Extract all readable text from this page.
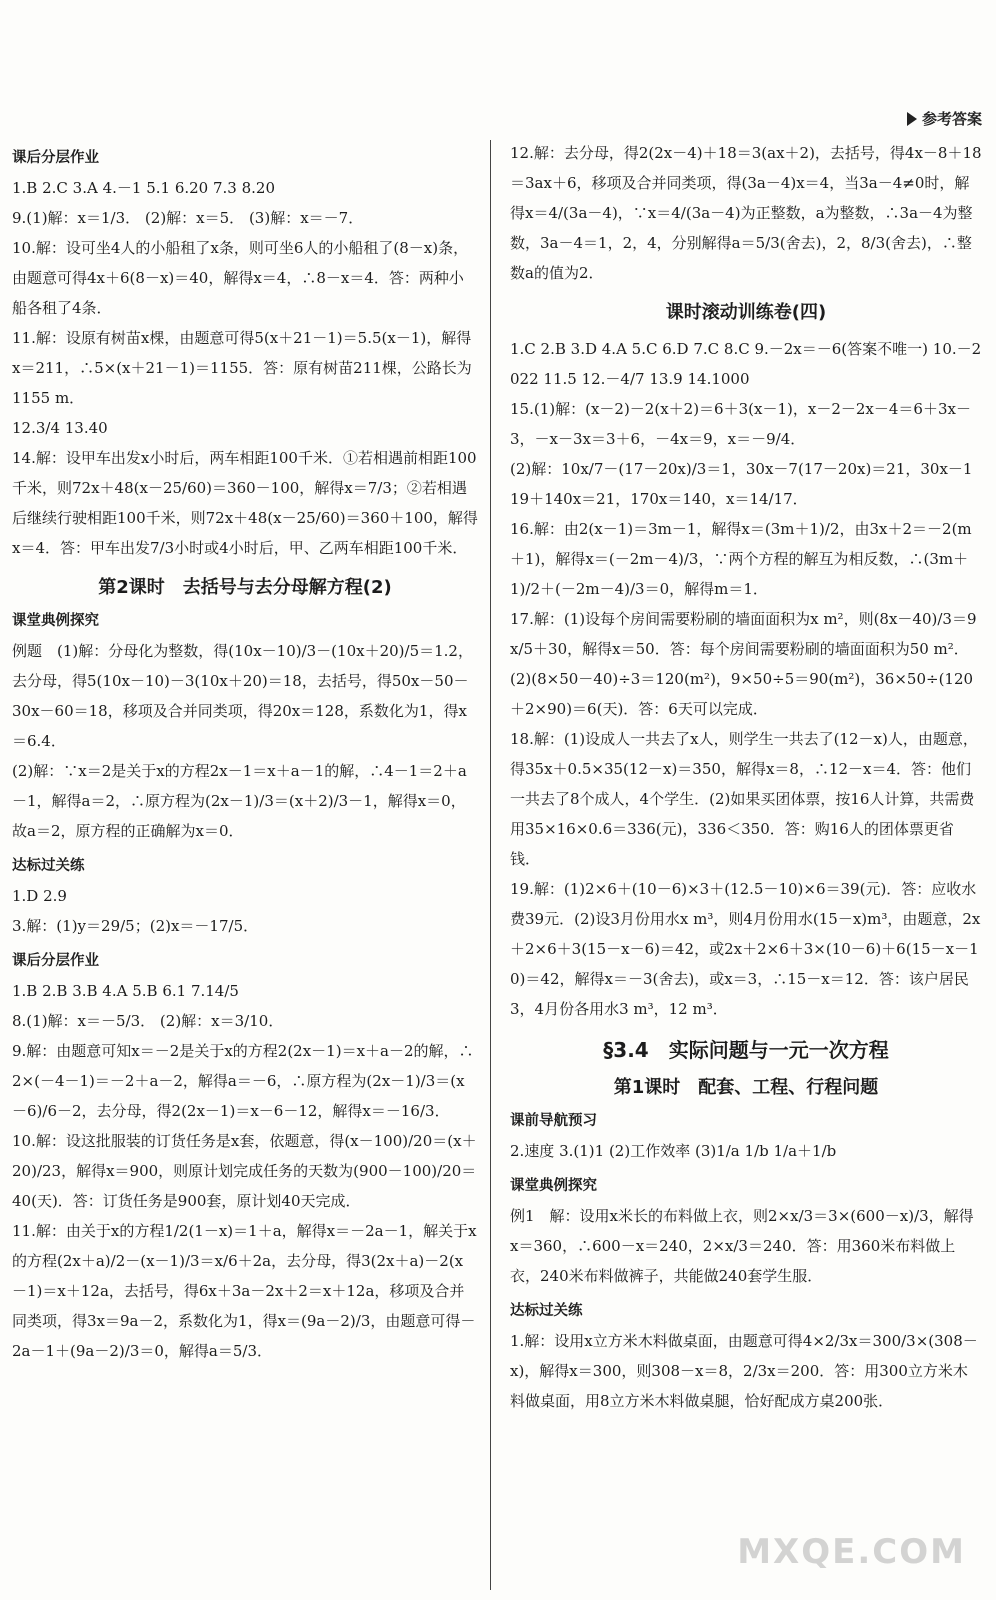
参考答案
课后分层作业
1.B 2.C 3.A 4.－1 5.1 6.20 7.3 8.20
9.(1)解：x＝1/3． (2)解：x＝5． (3)解：x＝－7．
10.解：设可坐4人的小船租了x条，则可坐6人的小船租了(8－x)条，由题意可得4x＋6(8－x)＝40，解得x＝4，∴8－x＝4．答：两种小船各租了4条．
11.解：设原有树苗x棵，由题意可得5(x＋21－1)＝5.5(x－1)，解得x＝211，∴5×(x＋21－1)＝1155．答：原有树苗211棵，公路长为1155 m．
12.3/4 13.40
14.解：设甲车出发x小时后，两车相距100千米．①若相遇前相距100千米，则72x＋48(x－25/60)＝360－100，解得x＝7/3；②若相遇后继续行驶相距100千米，则72x＋48(x－25/60)＝360＋100，解得x＝4．答：甲车出发7/3小时或4小时后，甲、乙两车相距100千米．
第2课时　去括号与去分母解方程(2)
课堂典例探究
例题　(1)解：分母化为整数，得(10x－10)/3－(10x＋20)/5＝1.2，去分母，得5(10x－10)－3(10x＋20)＝18，去括号，得50x－50－30x－60＝18，移项及合并同类项，得20x＝128，系数化为1，得x＝6.4．
(2)解：∵x＝2是关于x的方程2x－1＝x＋a－1的解，∴4－1＝2＋a－1，解得a＝2，∴原方程为(2x－1)/3＝(x＋2)/3－1，解得x＝0，故a＝2，原方程的正确解为x＝0．
达标过关练
1.D 2.9
3.解：(1)y＝29/5；(2)x＝－17/5．
课后分层作业
1.B 2.B 3.B 4.A 5.B 6.1 7.14/5
8.(1)解：x＝－5/3． (2)解：x＝3/10．
9.解：由题意可知x＝－2是关于x的方程2(2x－1)＝x＋a－2的解，∴2×(－4－1)＝－2＋a－2，解得a＝－6，∴原方程为(2x－1)/3＝(x－6)/6－2，去分母，得2(2x－1)＝x－6－12，解得x＝－16/3．
10.解：设这批服装的订货任务是x套，依题意，得(x－100)/20＝(x＋20)/23，解得x＝900，则原计划完成任务的天数为(900－100)/20＝40(天)．答：订货任务是900套，原计划40天完成．
11.解：由关于x的方程1/2(1－x)＝1＋a，解得x＝－2a－1，解关于x的方程(2x＋a)/2－(x－1)/3＝x/6＋2a，去分母，得3(2x＋a)－2(x－1)＝x＋12a，去括号，得6x＋3a－2x＋2＝x＋12a，移项及合并同类项，得3x＝9a－2，系数化为1，得x＝(9a－2)/3，由题意可得－2a－1＋(9a－2)/3＝0，解得a＝5/3．
12.解：去分母，得2(2x－4)＋18＝3(ax＋2)，去括号，得4x－8＋18＝3ax＋6，移项及合并同类项，得(3a－4)x＝4，当3a－4≠0时，解得x＝4/(3a－4)，∵x＝4/(3a－4)为正整数，a为整数，∴3a－4为整数，3a－4＝1，2，4，分别解得a＝5/3(舍去)，2，8/3(舍去)，∴整数a的值为2．
课时滚动训练卷(四)
1.C 2.B 3.D 4.A 5.C 6.D 7.C 8.C 9.－2x＝－6(答案不唯一) 10.－2022 11.5 12.－4/7 13.9 14.1000
15.(1)解：(x－2)－2(x＋2)＝6＋3(x－1)，x－2－2x－4＝6＋3x－3，－x－3x＝3＋6，－4x＝9，x＝－9/4．
(2)解：10x/7－(17－20x)/3＝1，30x－7(17－20x)＝21，30x－119＋140x＝21，170x＝140，x＝14/17．
16.解：由2(x－1)＝3m－1，解得x＝(3m＋1)/2，由3x＋2＝－2(m＋1)，解得x＝(－2m－4)/3，∵两个方程的解互为相反数，∴(3m＋1)/2＋(－2m－4)/3＝0，解得m＝1．
17.解：(1)设每个房间需要粉刷的墙面面积为x m²，则(8x－40)/3＝9x/5＋30，解得x＝50．答：每个房间需要粉刷的墙面面积为50 m²．(2)(8×50－40)÷3＝120(m²)，9×50÷5＝90(m²)，36×50÷(120＋2×90)＝6(天)．答：6天可以完成．
18.解：(1)设成人一共去了x人，则学生一共去了(12－x)人，由题意，得35x＋0.5×35(12－x)＝350，解得x＝8，∴12－x＝4．答：他们一共去了8个成人，4个学生．(2)如果买团体票，按16人计算，共需费用35×16×0.6＝336(元)，336＜350．答：购16人的团体票更省钱．
19.解：(1)2×6＋(10－6)×3＋(12.5－10)×6＝39(元)．答：应收水费39元．(2)设3月份用水x m³，则4月份用水(15－x)m³，由题意，2x＋2×6＋3(15－x－6)＝42，或2x＋2×6＋3×(10－6)＋6(15－x－10)＝42，解得x＝－3(舍去)，或x＝3，∴15－x＝12．答：该户居民3，4月份各用水3 m³，12 m³．
§3.4　实际问题与一元一次方程
第1课时　配套、工程、行程问题
课前导航预习
2.速度 3.(1)1 (2)工作效率 (3)1/a 1/b 1/a＋1/b
课堂典例探究
例1　解：设用x米长的布料做上衣，则2×x/3＝3×(600－x)/3，解得x＝360，∴600－x＝240，2×x/3＝240．答：用360米布料做上衣，240米布料做裤子，共能做240套学生服．
达标过关练
1.解：设用x立方米木料做桌面，由题意可得4×2/3x＝300/3×(308－x)，解得x＝300，则308－x＝8，2/3x＝200．答：用300立方米木料做桌面，用8立方米木料做桌腿，恰好配成方桌200张．
MXQE.COM
